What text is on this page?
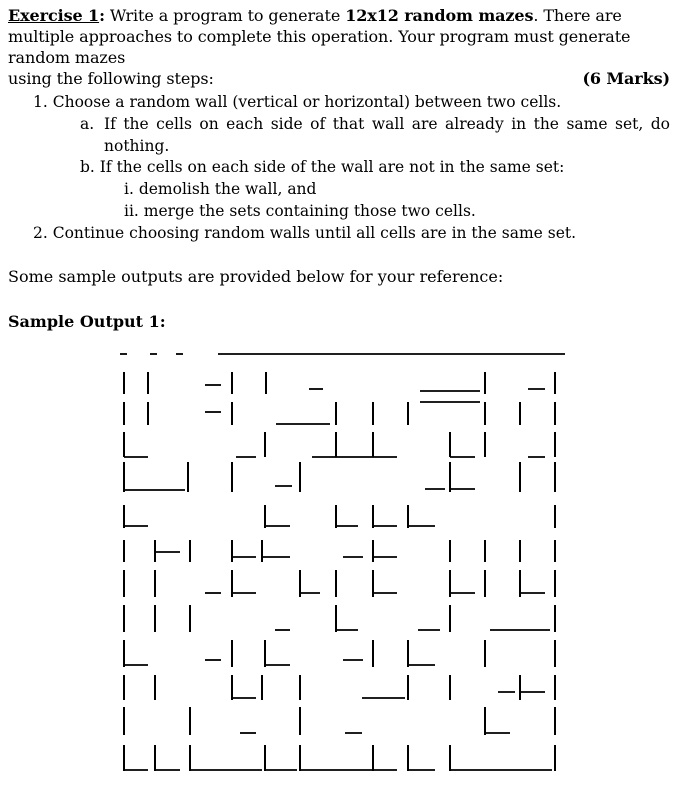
Exercise 1: Write a program to generate 12x12 random mazes. There are multiple approaches to complete this operation. Your program must generate random mazes
using the following steps:	(6 Marks)
1. Choose a random wall (vertical or horizontal) between two cells.
a. If the cells on each side of that wall are already in the same set, do nothing.
b. If the cells on each side of the wall are not in the same set:
i. demolish the wall, and
ii. merge the sets containing those two cells.
2. Continue choosing random walls until all cells are in the same set.
Some sample outputs are provided below for your reference:
Sample Output 1:
